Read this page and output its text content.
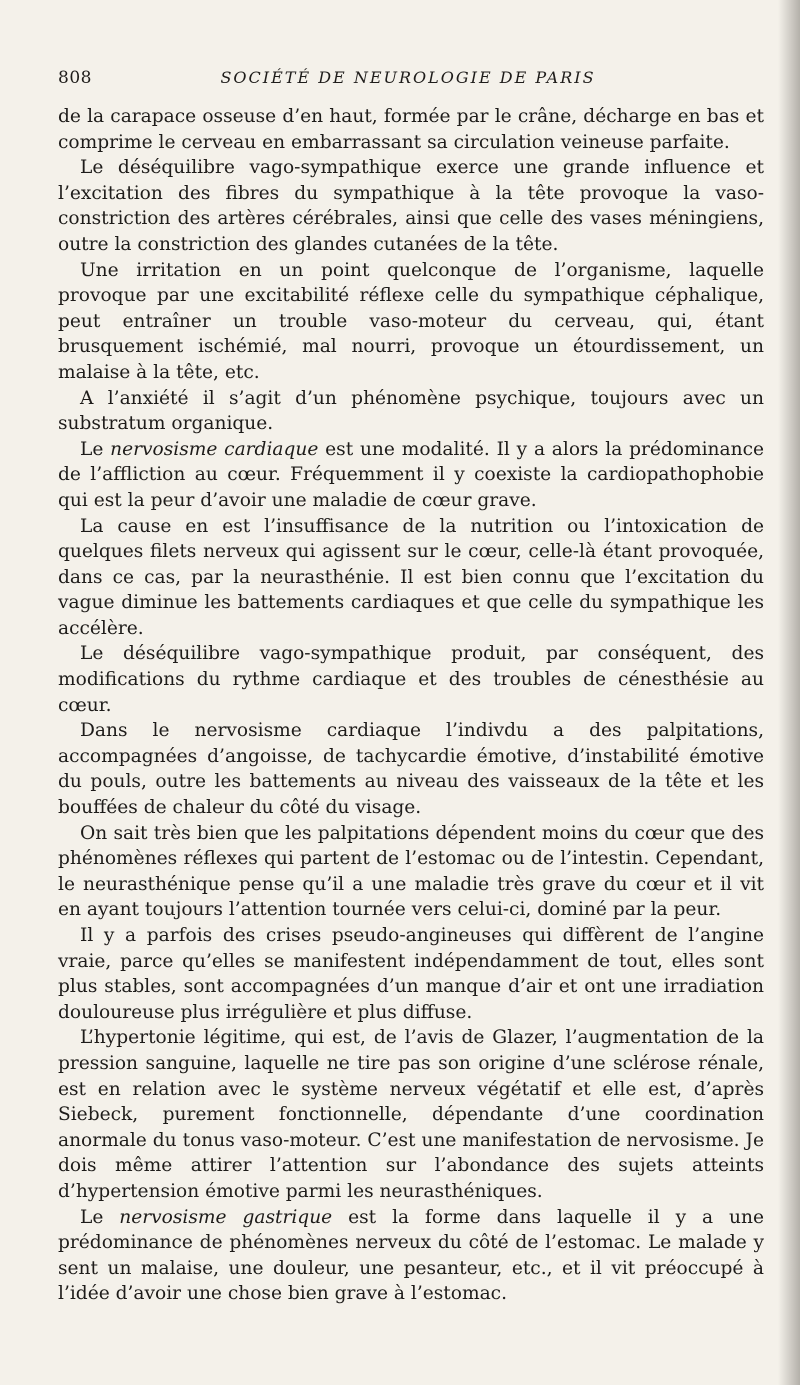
808	SOCIÉTÉ DE NEUROLOGIE DE PARIS

de la carapace osseuse d’en haut, formée par le crâne, décharge en bas et comprime le cerveau en embarrassant sa circulation veineuse parfaite.

Le déséquilibre vago-sympathique exerce une grande influence et l’excitation des fibres du sympathique à la tête provoque la vaso-constriction des artères cérébrales, ainsi que celle des vases méningiens, outre la constriction des glandes cutanées de la tête.

Une irritation en un point quelconque de l’organisme, laquelle provoque par une excitabilité réflexe celle du sympathique céphalique, peut entraîner un trouble vaso-moteur du cerveau, qui, étant brusquement ischémié, mal nourri, provoque un étourdissement, un malaise à la tête, etc.

A l’anxiété il s’agit d’un phénomène psychique, toujours avec un substratum organique.

Le nervosisme cardiaque est une modalité. Il y a alors la prédominance de l’affliction au cœur. Fréquemment il y coexiste la cardiopathophobie qui est la peur d’avoir une maladie de cœur grave.

La cause en est l’insuffisance de la nutrition ou l’intoxication de quelques filets nerveux qui agissent sur le cœur, celle-là étant provoquée, dans ce cas, par la neurasthénie. Il est bien connu que l’excitation du vague diminue les battements cardiaques et que celle du sympathique les accélère.

Le déséquilibre vago-sympathique produit, par conséquent, des modifications du rythme cardiaque et des troubles de cénesthésie au cœur.

Dans le nervosisme cardiaque l’indivdu a des palpitations, accompagnées d’angoisse, de tachycardie émotive, d’instabilité émotive du pouls, outre les battements au niveau des vaisseaux de la tête et les bouffées de chaleur du côté du visage.

On sait très bien que les palpitations dépendent moins du cœur que des phénomènes réflexes qui partent de l’estomac ou de l’intestin. Cependant, le neurasthénique pense qu’il a une maladie très grave du cœur et il vit en ayant toujours l’attention tournée vers celui-ci, dominé par la peur.

Il y a parfois des crises pseudo-angineuses qui diffèrent de l’angine vraie, parce qu’elles se manifestent indépendamment de tout, elles sont plus stables, sont accompagnées d’un manque d’air et ont une irradiation douloureuse plus irrégulière et plus diffuse.

L’hypertonie légitime, qui est, de l’avis de Glazer, l’augmentation de la pression sanguine, laquelle ne tire pas son origine d’une sclérose rénale, est en relation avec le système nerveux végétatif et elle est, d’après Siebeck, purement fonctionnelle, dépendante d’une coordination anormale du tonus vaso-moteur. C’est une manifestation de nervosisme. Je dois même attirer l’attention sur l’abondance des sujets atteints d’hypertension émotive parmi les neurasthéniques.

Le nervosisme gastrique est la forme dans laquelle il y a une prédominance de phénomènes nerveux du côté de l’estomac. Le malade y sent un malaise, une douleur, une pesanteur, etc., et il vit préoccupé à l’idée d’avoir une chose bien grave à l’estomac.
